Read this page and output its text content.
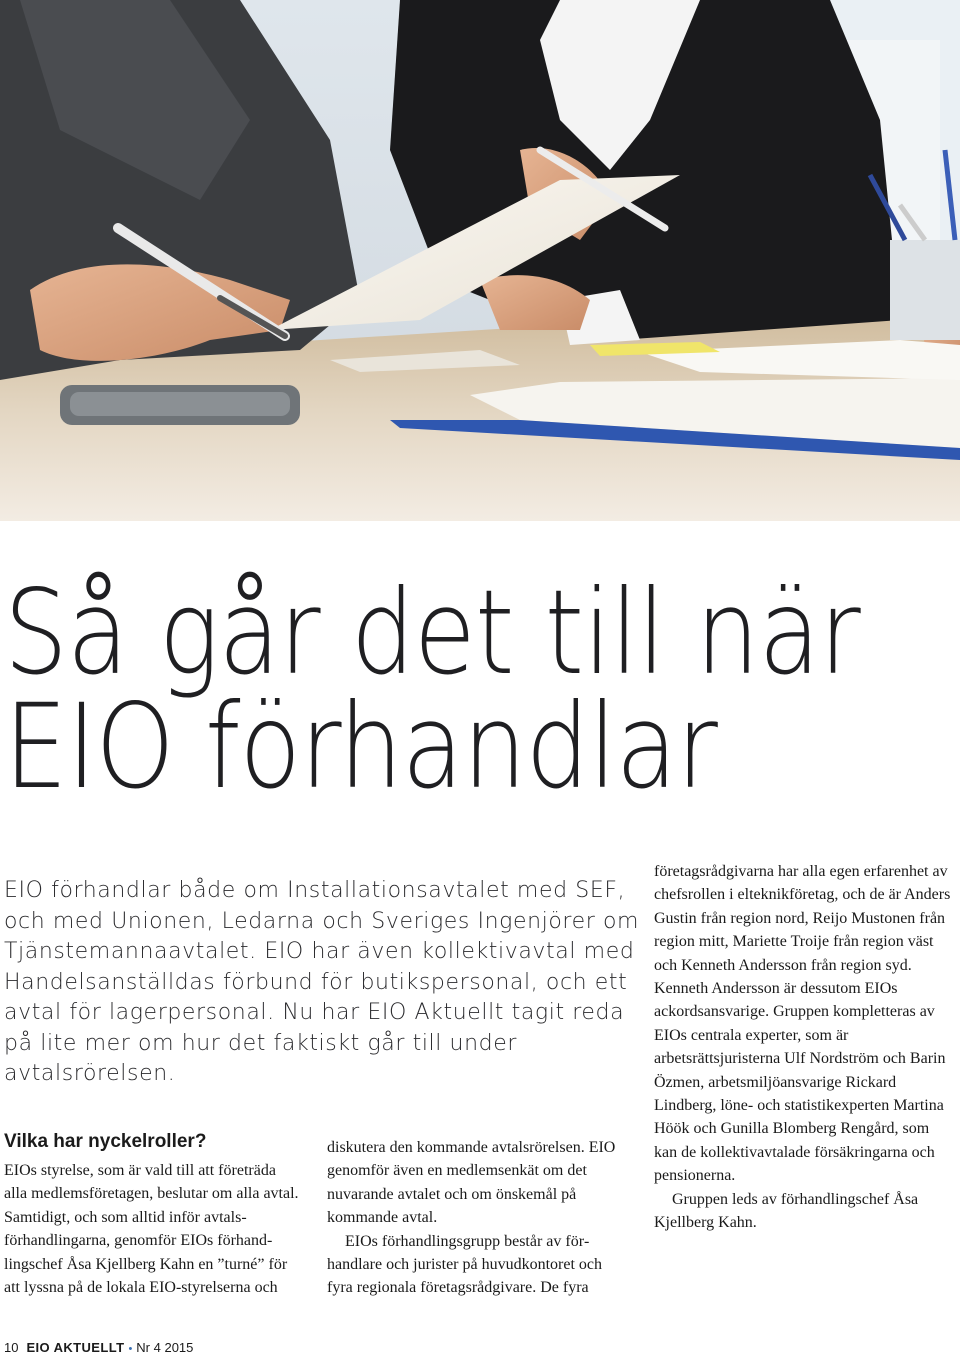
Så går det till när
EIO förhandlar

EIO förhandlar både om Installationsavtalet med SEF, och med Unionen, Ledarna och Sveriges Ingenjörer om Tjänstemannaavtalet. EIO har även kollektivavtal med Handelsanställdas förbund för butikspersonal, och ett avtal för lagerpersonal. Nu har EIO Aktuellt tagit reda på lite mer om hur det faktiskt går till under avtalsrörelsen.

Vilka har nyckelroller?

EIOs styrelse, som är vald till att företräda alla medlemsföretagen, beslutar om alla avtal. Samtidigt, och som alltid inför avtalsförhandlingarna, genomför EIOs förhandlingschef Åsa Kjellberg Kahn en ”turné” för att lyssna på de lokala EIO-styrelserna och

diskutera den kommande avtalsrörelsen. EIO genomför även en medlemsenkät om det nuvarande avtalet och om önskemål på kommande avtal.

EIOs förhandlingsgrupp består av förhandlare och jurister på huvudkontoret och fyra regionala företagsrådgivare. De fyra

företagsrådgivarna har alla egen erfarenhet av chefsrollen i elteknikföretag, och de är Anders Gustin från region nord, Reijo Mustonen från region mitt, Mariette Troije från region väst och Kenneth Andersson från region syd. Kenneth Andersson är dessutom EIOs ackordsansvarige. Gruppen kompletteras av EIOs centrala experter, som är arbetsrättsjuristerna Ulf Nordström och Barin Özmen, arbetsmiljöansvarige Rickard Lindberg, löne- och statistikexperten Martina Höök och Gunilla Blomberg Rengård, som kan de kollektivavtalade försäkringarna och pensionerna.

Gruppen leds av förhandlingschef Åsa Kjellberg Kahn.

10 EIO AKTUELLT • Nr 4 2015
